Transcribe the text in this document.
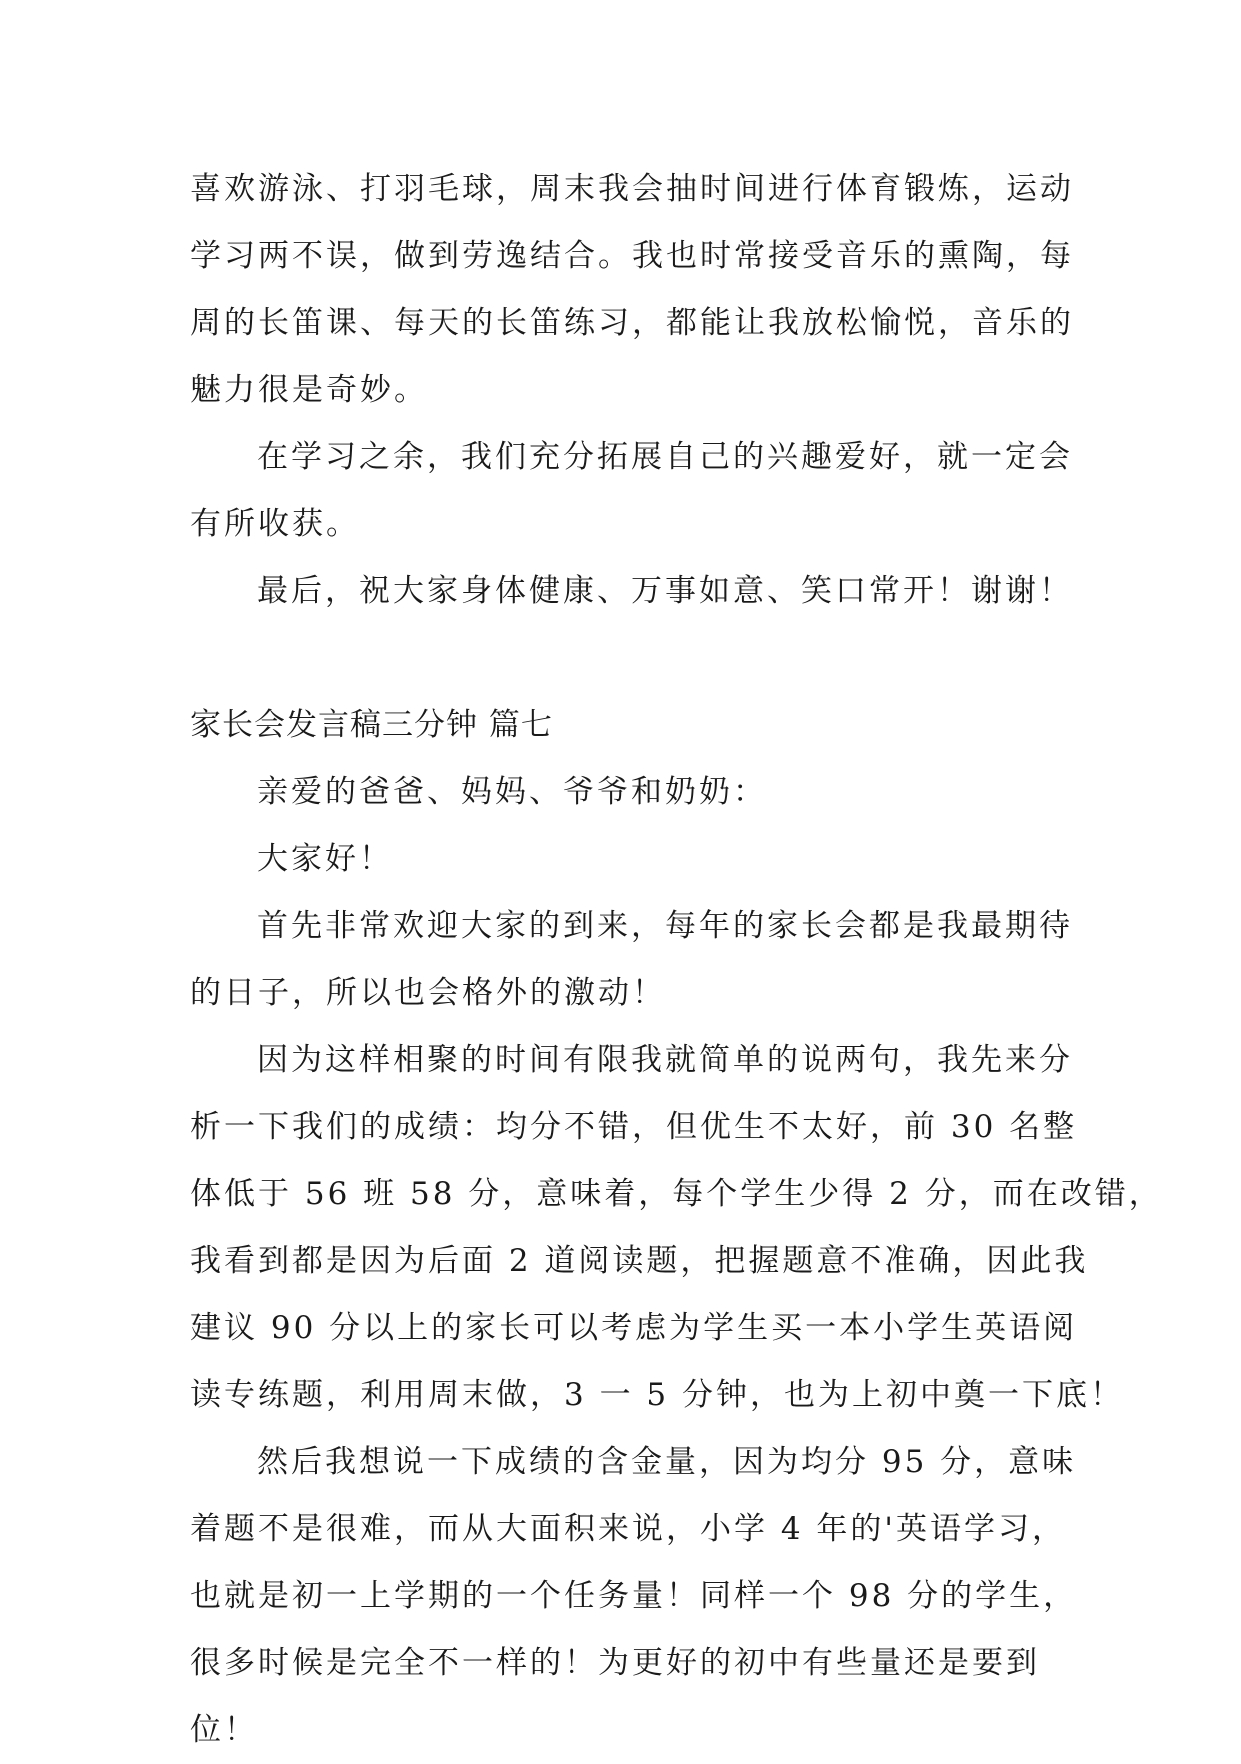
喜欢游泳、打羽毛球，周末我会抽时间进行体育锻炼，运动

学习两不误，做到劳逸结合。我也时常接受音乐的熏陶，每

周的长笛课、每天的长笛练习，都能让我放松愉悦，音乐的

魅力很是奇妙。

在学习之余，我们充分拓展自己的兴趣爱好，就一定会

有所收获。

最后，祝大家身体健康、万事如意、笑口常开！谢谢！

家长会发言稿三分钟 篇七

亲爱的爸爸、妈妈、爷爷和奶奶：

大家好！

首先非常欢迎大家的到来，每年的家长会都是我最期待

的日子，所以也会格外的激动！

因为这样相聚的时间有限我就简单的说两句，我先来分

析一下我们的成绩：均分不错，但优生不太好，前 30 名整

体低于 56 班 58 分，意味着，每个学生少得 2 分，而在改错，

我看到都是因为后面 2 道阅读题，把握题意不准确，因此我

建议 90 分以上的家长可以考虑为学生买一本小学生英语阅

读专练题，利用周末做，3 一 5 分钟，也为上初中奠一下底！

然后我想说一下成绩的含金量，因为均分 95 分，意味

着题不是很难，而从大面积来说，小学 4 年的'英语学习，

也就是初一上学期的一个任务量！同样一个 98 分的学生，

很多时候是完全不一样的！为更好的初中有些量还是要到

位！
